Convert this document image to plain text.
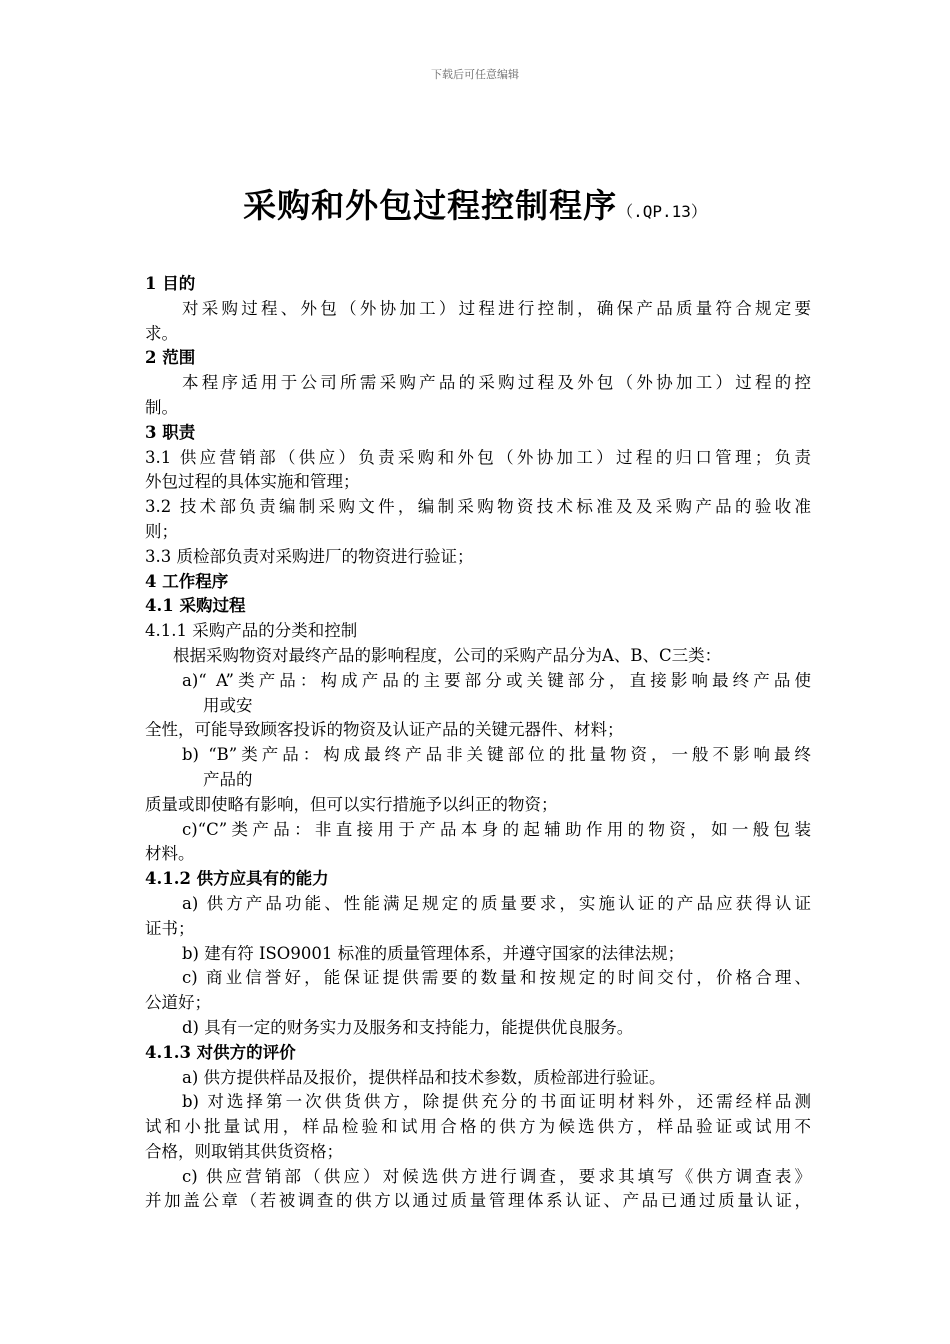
下载后可任意编辑
采购和外包过程控制程序（.QP.13）
1 目的
对采购过程、外包（外协加工）过程进行控制，确保产品质量符合规定要
求。
2 范围
本程序适用于公司所需采购产品的采购过程及外包（外协加工）过程的控
制。
3 职责
3.1 供应营销部（供应）负责采购和外包（外协加工）过程的归口管理；负责
外包过程的具体实施和管理；
3.2 技术部负责编制采购文件，编制采购物资技术标准及及采购产品的验收准
则；
3.3 质检部负责对采购进厂的物资进行验证；
4 工作程序
4.1 采购过程
4.1.1 采购产品的分类和控制
根据采购物资对最终产品的影响程度，公司的采购产品分为A、B、C三类：
a)“ A”类产品：构成产品的主要部分或关键部分，直接影响最终产品使
用或安
全性，可能导致顾客投诉的物资及认证产品的关键元器件、材料；
b) “B”类产品：构成最终产品非关键部位的批量物资，一般不影响最终
产品的
质量或即使略有影响，但可以实行措施予以纠正的物资；
c)“C”类产品：非直接用于产品本身的起辅助作用的物资，如一般包装
材料。
4.1.2 供方应具有的能力
a) 供方产品功能、性能满足规定的质量要求，实施认证的产品应获得认证
证书；
b) 建有符 ISO9001 标准的质量管理体系，并遵守国家的法律法规；
c) 商业信誉好，能保证提供需要的数量和按规定的时间交付，价格合理、
公道好；
d) 具有一定的财务实力及服务和支持能力，能提供优良服务。
4.1.3 对供方的评价
a) 供方提供样品及报价，提供样品和技术参数，质检部进行验证。
b) 对选择第一次供货供方，除提供充分的书面证明材料外，还需经样品测
试和小批量试用，样品检验和试用合格的供方为候选供方，样品验证或试用不
合格，则取销其供货资格；
c) 供应营销部（供应）对候选供方进行调查，要求其填写《供方调查表》
并加盖公章（若被调查的供方以通过质量管理体系认证、产品已通过质量认证，
